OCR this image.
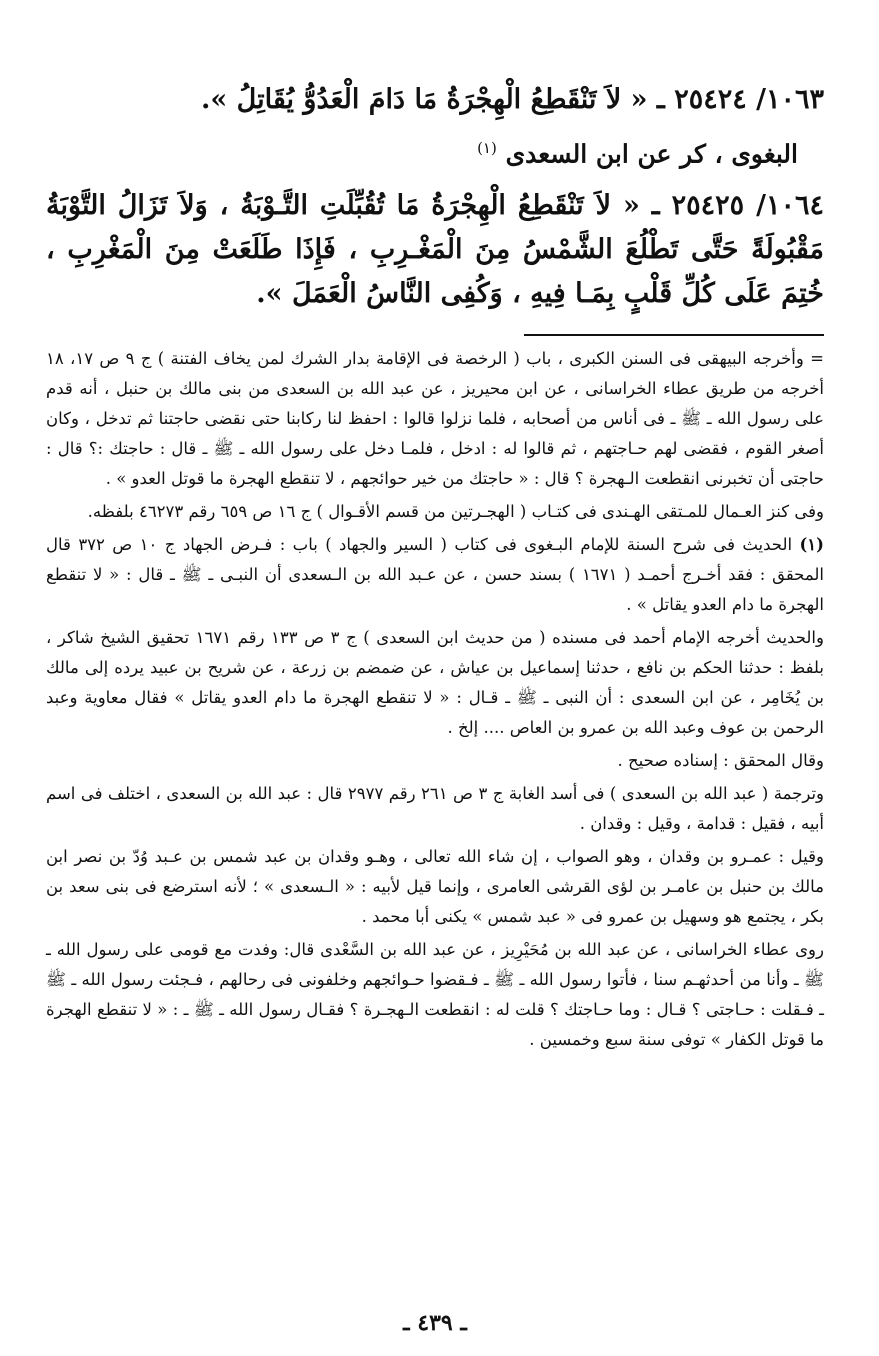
١٠٦٣/ ٢٥٤٢٤ ـ « لاَ تَنْقَطِعُ الْهِجْرَةُ مَا دَامَ الْعَدُوُّ يُقَاتِلُ ».

البغوى ، كر عن ابن السعدى $^{(١)}$

١٠٦٤/ ٢٥٤٢٥ ـ « لاَ تَنْقَطِعُ الْهِجْرَةُ مَا تُقُبِّلَتِ التَّـوْبَةُ ، وَلاَ تَزَالُ التَّوْبَةُ مَقْبُولَةً حَتَّى تَطْلُعَ الشَّمْسُ مِنَ الْمَغْـرِبِ ، فَإِذَا طَلَعَتْ مِنَ الْمَغْرِبِ ، خُتِمَ عَلَى كُلِّ قَلْبٍ بِمَـا فِيهِ ، وَكُفِى النَّاسُ الْعَمَلَ ».

= وأخرجه البيهقى فى السنن الكبرى ، باب ( الرخصة فى الإقامة بدار الشرك لمن يخاف الفتنة ) ج ٩ ص ١٧، ١٨ أخرجه من طريق عطاء الخراسانى ، عن ابن محيريز ، عن عبد الله بن السعدى من بنى مالك بن حنبل ، أنه قدم على رسول الله ـ ﷺ ـ فى أناس من أصحابه ، فلما نزلوا قالوا : احفظ لنا ركابنا حتى نقضى حاجتنا ثم تدخل ، وكان أصغر القوم ، فقضى لهم حـاجتهم ، ثم قالوا له : ادخل ، فلمـا دخل على رسول الله ـ ﷺ ـ قال : حاجتك :؟ قال : حاجتى أن تخبرنى انقطعت الـهجرة ؟ قال : « حاجتك من خير حوائجهم ، لا تنقطع الهجرة ما قوتل العدو » .

وفى كنز العـمال للمـتقى الهـندى فى كتـاب ( الهجـرتين من قسم الأقـوال ) ج ١٦ ص ٦٥٩ رقم ٤٦٢٧٣ بلفظه.

(١) الحديث فى شرح السنة للإمام البـغوى فى كتاب ( السير والجهاد ) باب : فـرض الجهاد ج ١٠ ص ٣٧٢ قال المحقق : فقد أخـرج أحمـد ( ١٦٧١ ) بسند حسن ، عن عـبد الله بن الـسعدى أن النبـى ـ ﷺ ـ قال : « لا تنقطع الهجرة ما دام العدو يقاتل » .

والحديث أخرجه الإمام أحمد فى مسنده ( من حديث ابن السعدى ) ج ٣ ص ١٣٣ رقم ١٦٧١ تحقيق الشيخ شاكر ، بلفظ : حدثنا الحكم بن نافع ، حدثنا إسماعيل بن عياش ، عن ضمضم بن زرعة ، عن شريح بن عبيد يرده إلى مالك بن يُخَامِر ، عن ابن السعدى : أن النبى ـ ﷺ ـ قـال : « لا تنقطع الهجرة ما دام العدو يقاتل » فقال معاوية وعبد الرحمن بن عوف وعبد الله بن عمرو بن العاص .... إلخ .

وقال المحقق : إسناده صحيح .

وترجمة ( عبد الله بن السعدى ) فى أسد الغابة ج ٣ ص ٢٦١ رقم ٢٩٧٧ قال : عبد الله بن السعدى ، اختلف فى اسم أبيه ، فقيل : قدامة ، وقيل : وقدان .

وقيل : عمـرو بن وقدان ، وهو الصواب ، إن شاء الله تعالى ، وهـو وقدان بن عبد شمس بن عـبد وُدّ بن نصر ابن مالك بن حنبل بن عامـر بن لؤى القرشى العامرى ، وإنما قيل لأبيه : « الـسعدى » ؛ لأنه استرضع فى بنى سعد بن بكر ، يجتمع هو وسهيل بن عمرو فى « عبد شمس » يكنى أبا محمد .

روى عطاء الخراسانى ، عن عبد الله بن مُحَيْرِيز ، عن عبد الله بن السَّعْدى قال: وفدت مع قومى على رسول الله ـ ﷺ ـ وأنا من أحدثهـم سنا ، فأتوا رسول الله ـ ﷺ ـ فـقضوا حـوائجهم وخلفونى فى رحالهم ، فـجئت رسول الله ـ ﷺ ـ فـقلت : حـاجتى ؟ قـال : وما حـاجتك ؟ قلت له : انقطعت الـهجـرة ؟ فقـال رسول الله ـ ﷺ ـ : « لا تنقطع الهجرة ما قوتل الكفار » توفى سنة سبع وخمسين .

ـ ٤٣٩ ـ
